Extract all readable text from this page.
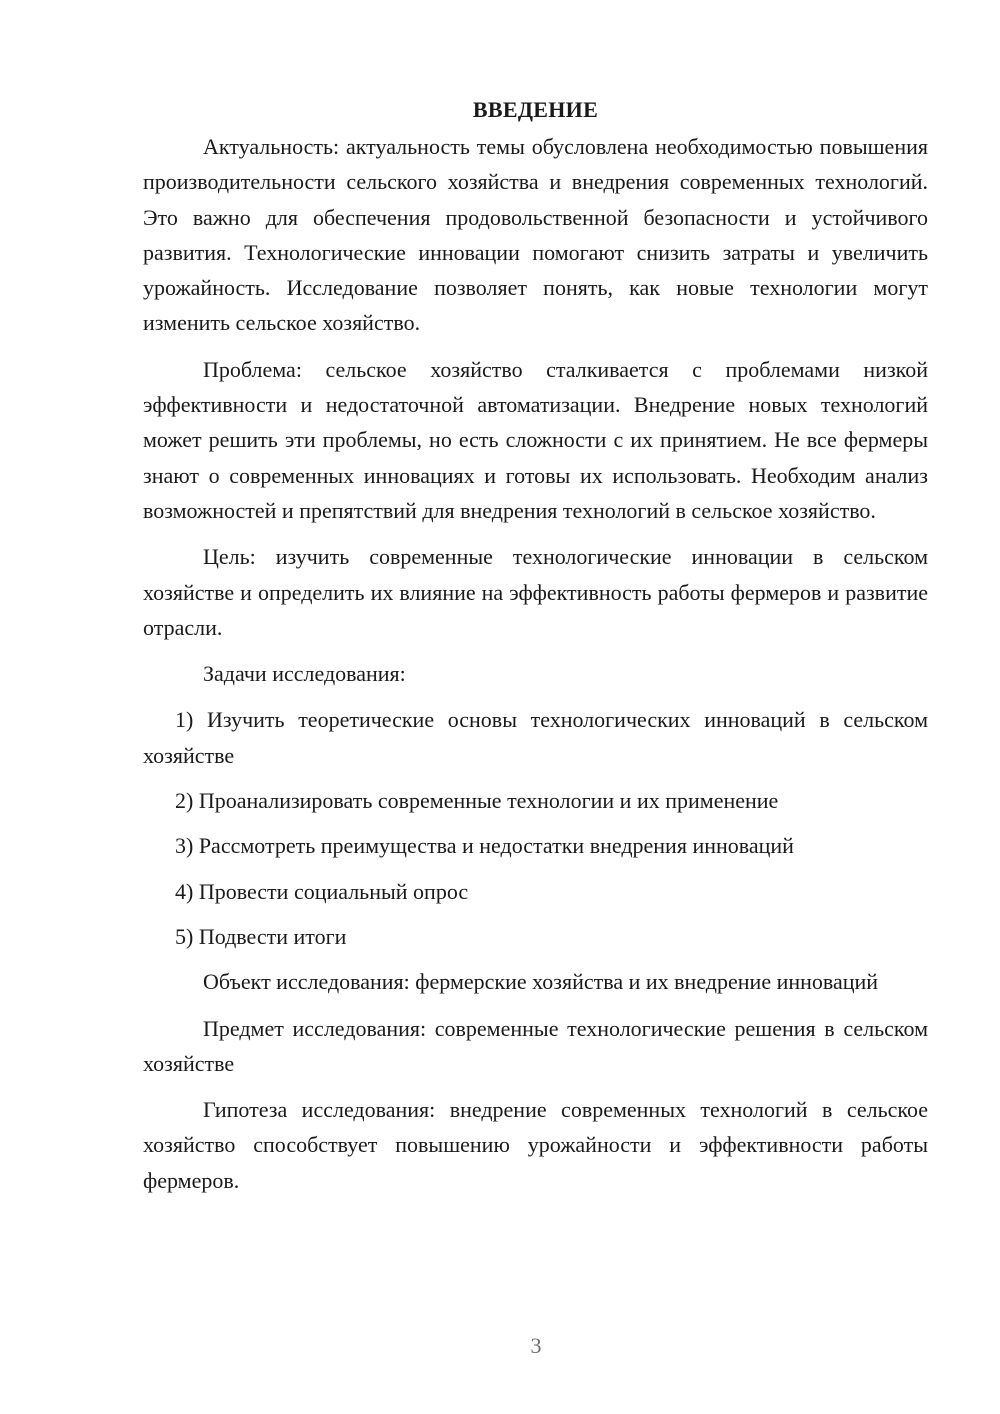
ВВЕДЕНИЕ

Актуальность: актуальность темы обусловлена необходимостью повышения производительности сельского хозяйства и внедрения современных технологий. Это важно для обеспечения продовольственной безопасности и устойчивого развития. Технологические инновации помогают снизить затраты и увеличить урожайность. Исследование позволяет понять, как новые технологии могут изменить сельское хозяйство.

Проблема: сельское хозяйство сталкивается с проблемами низкой эффективности и недостаточной автоматизации. Внедрение новых технологий может решить эти проблемы, но есть сложности с их принятием. Не все фермеры знают о современных инновациях и готовы их использовать. Необходим анализ возможностей и препятствий для внедрения технологий в сельское хозяйство.

Цель: изучить современные технологические инновации в сельском хозяйстве и определить их влияние на эффективность работы фермеров и развитие отрасли.

Задачи исследования:

1) Изучить теоретические основы технологических инноваций в сельском хозяйстве

2) Проанализировать современные технологии и их применение

3) Рассмотреть преимущества и недостатки внедрения инноваций

4) Провести социальный опрос

5) Подвести итоги

Объект исследования: фермерские хозяйства и их внедрение инноваций

Предмет исследования: современные технологические решения в сельском хозяйстве

Гипотеза исследования: внедрение современных технологий в сельское хозяйство способствует повышению урожайности и эффективности работы фермеров.

3
